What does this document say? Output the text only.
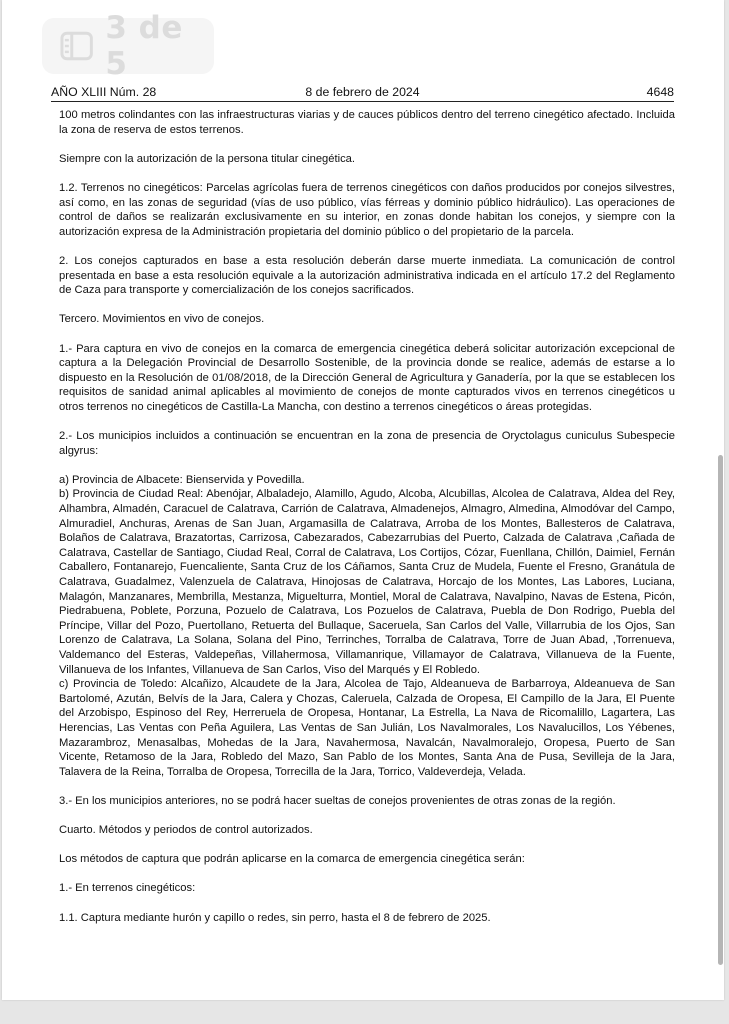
3 de 5
AÑO XLIII Núm. 28	8 de febrero de 2024	4648

100 metros colindantes con las infraestructuras viarias y de cauces públicos dentro del terreno cinegético afectado. Incluida la zona de reserva de estos terrenos.

Siempre con la autorización de la persona titular cinegética.

1.2. Terrenos no cinegéticos: Parcelas agrícolas fuera de terrenos cinegéticos con daños producidos por conejos silvestres, así como, en las zonas de seguridad (vías de uso público, vías férreas y dominio público hidráulico). Las operaciones de control de daños se realizarán exclusivamente en su interior, en zonas donde habitan los conejos, y siempre con la autorización expresa de la Administración propietaria del dominio público o del propietario de la parcela.

2. Los conejos capturados en base a esta resolución deberán darse muerte inmediata. La comunicación de control presentada en base a esta resolución equivale a la autorización administrativa indicada en el artículo 17.2 del Reglamento de Caza para transporte y comercialización de los conejos sacrificados.

Tercero. Movimientos en vivo de conejos.

1.- Para captura en vivo de conejos en la comarca de emergencia cinegética deberá solicitar autorización excepcional de captura a la Delegación Provincial de Desarrollo Sostenible, de la provincia donde se realice, además de estarse a lo dispuesto en la Resolución de 01/08/2018, de la Dirección General de Agricultura y Ganadería, por la que se establecen los requisitos de sanidad animal aplicables al movimiento de conejos de monte capturados vivos en terrenos cinegéticos u otros terrenos no cinegéticos de Castilla-La Mancha, con destino a terrenos cinegéticos o áreas protegidas.

2.- Los municipios incluidos a continuación se encuentran en la zona de presencia de Oryctolagus cuniculus Subespecie algyrus:

a) Provincia de Albacete: Bienservida y Povedilla.

b) Provincia de Ciudad Real: Abenójar, Albaladejo, Alamillo, Agudo, Alcoba, Alcubillas, Alcolea de Calatrava, Aldea del Rey, Alhambra, Almadén, Caracuel de Calatrava, Carrión de Calatrava, Almadenejos, Almagro, Almedina, Almodóvar del Campo, Almuradiel, Anchuras, Arenas de San Juan, Argamasilla de Calatrava, Arroba de los Montes, Ballesteros de Calatrava, Bolaños de Calatrava, Brazatortas, Carrizosa, Cabezarados, Cabezarrubias del Puerto, Calzada de Calatrava ,Cañada de Calatrava, Castellar de Santiago, Ciudad Real, Corral de Calatrava, Los Cortijos, Cózar, Fuenllana, Chillón, Daimiel, Fernán Caballero, Fontanarejo, Fuencaliente, Santa Cruz de los Cáñamos, Santa Cruz de Mudela, Fuente el Fresno, Granátula de Calatrava, Guadalmez, Valenzuela de Calatrava, Hinojosas de Calatrava, Horcajo de los Montes, Las Labores, Luciana, Malagón, Manzanares, Membrilla, Mestanza, Miguelturra, Montiel, Moral de Calatrava, Navalpino, Navas de Estena, Picón, Piedrabuena, Poblete, Porzuna, Pozuelo de Calatrava, Los Pozuelos de Calatrava, Puebla de Don Rodrigo, Puebla del Príncipe, Villar del Pozo, Puertollano, Retuerta del Bullaque, Saceruela, San Carlos del Valle, Villarrubia de los Ojos, San Lorenzo de Calatrava, La Solana, Solana del Pino, Terrinches, Torralba de Calatrava, Torre de Juan Abad, ,Torrenueva, Valdemanco del Esteras, Valdepeñas, Villahermosa, Villamanrique, Villamayor de Calatrava, Villanueva de la Fuente, Villanueva de los Infantes, Villanueva de San Carlos, Viso del Marqués y El Robledo.

c) Provincia de Toledo: Alcañizo, Alcaudete de la Jara, Alcolea de Tajo, Aldeanueva de Barbarroya, Aldeanueva de San Bartolomé, Azután, Belvís de la Jara, Calera y Chozas, Caleruela, Calzada de Oropesa, El Campillo de la Jara, El Puente del Arzobispo, Espinoso del Rey, Herreruela de Oropesa, Hontanar, La Estrella, La Nava de Ricomalillo, Lagartera, Las Herencias, Las Ventas con Peña Aguilera, Las Ventas de San Julián, Los Navalmorales, Los Navalucillos, Los Yébenes, Mazarambroz, Menasalbas, Mohedas de la Jara, Navahermosa, Navalcán, Navalmoralejo, Oropesa, Puerto de San Vicente, Retamoso de la Jara, Robledo del Mazo, San Pablo de los Montes, Santa Ana de Pusa, Sevilleja de la Jara, Talavera de la Reina, Torralba de Oropesa, Torrecilla de la Jara, Torrico, Valdeverdeja, Velada.

3.- En los municipios anteriores, no se podrá hacer sueltas de conejos provenientes de otras zonas de la región.

Cuarto. Métodos y periodos de control autorizados.

Los métodos de captura que podrán aplicarse en la comarca de emergencia cinegética serán:

1.- En terrenos cinegéticos:

1.1. Captura mediante hurón y capillo o redes, sin perro, hasta el 8 de febrero de 2025.
